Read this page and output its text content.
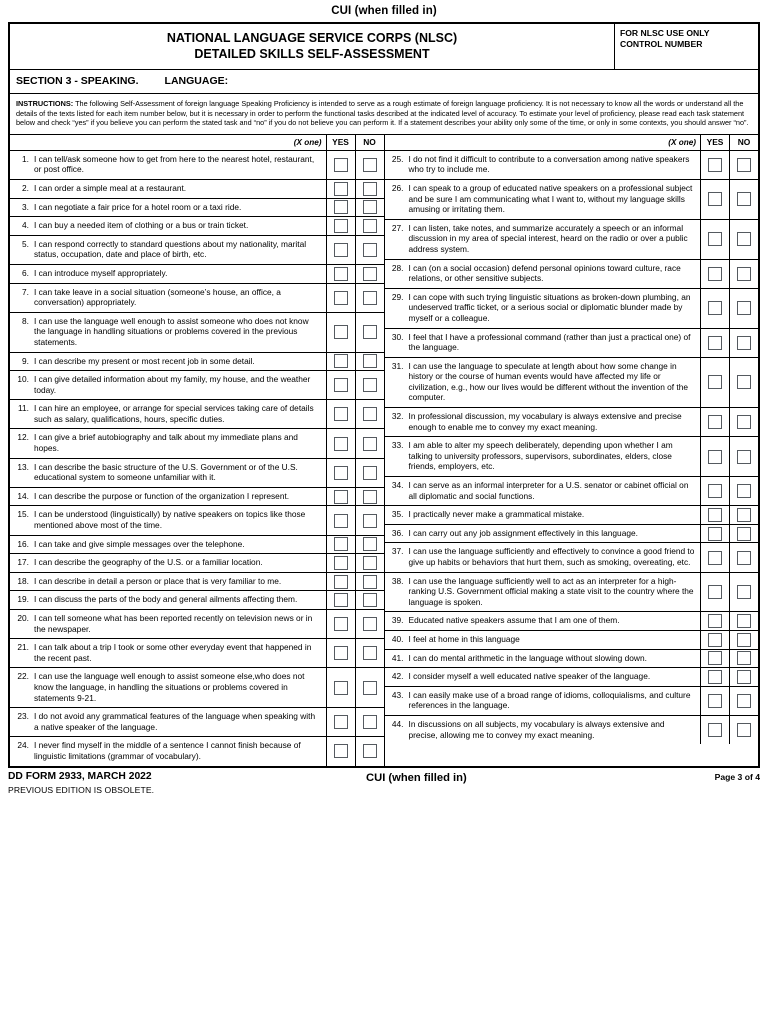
CUI (when filled in)
NATIONAL LANGUAGE SERVICE CORPS (NLSC)
DETAILED SKILLS SELF-ASSESSMENT
FOR NLSC USE ONLY
CONTROL NUMBER
SECTION 3 - SPEAKING. LANGUAGE:
INSTRUCTIONS: The following Self-Assessment of foreign language Speaking Proficiency is intended to serve as a rough estimate of foreign language proficiency. It is not necessary to know all the words or understand all the details of the texts listed for each item number below, but it is necessary in order to perform the functional tasks described at the indicated level of accuracy. To estimate your level of proficiency, please read each task statement below and check “yes” if you believe you can perform the stated task and “no” if you do not believe you can perform it. If a statement describes your ability only some of the time, or only in some contexts, you should answer “no”.
(X one)	YES	NO	(X one)	YES	NO
1. I can tell/ask someone how to get from here to the nearest hotel, restaurant, or post office.
2. I can order a simple meal at a restaurant.
3. I can negotiate a fair price for a hotel room or a taxi ride.
4. I can buy a needed item of clothing or a bus or train ticket.
5. I can respond correctly to standard questions about my nationality, marital status, occupation, date and place of birth, etc.
6. I can introduce myself appropriately.
7. I can take leave in a social situation (someone’s house, an office, a conversation) appropriately.
8. I can use the language well enough to assist someone who does not know the language in handling situations or problems covered in the previous statements.
9. I can describe my present or most recent job in some detail.
10. I can give detailed information about my family, my house, and the weather today.
11. I can hire an employee, or arrange for special services taking care of details such as salary, qualifications, hours, specific duties.
12. I can give a brief autobiography and talk about my immediate plans and hopes.
13. I can describe the basic structure of the U.S. Government or of the U.S. educational system to someone unfamiliar with it.
14. I can describe the purpose or function of the organization I represent.
15. I can be understood (linguistically) by native speakers on topics like those mentioned above most of the time.
16. I can take and give simple messages over the telephone.
17. I can describe the geography of the U.S. or a familiar location.
18. I can describe in detail a person or place that is very familiar to me.
19. I can discuss the parts of the body and general ailments affecting them.
20. I can tell someone what has been reported recently on television news or in the newspaper.
21. I can talk about a trip I took or some other everyday event that happened in the recent past.
22. I can use the language well enough to assist someone else,who does not know the language, in handling the situations or problems covered in statements 9-21.
23. I do not avoid any grammatical features of the language when speaking with a native speaker of the language.
24. I never find myself in the middle of a sentence I cannot finish because of linguistic limitations (grammar of vocabulary).
25. I do not find it difficult to contribute to a conversation among native speakers who try to include me.
26. I can speak to a group of educated native speakers on a professional subject and be sure I am communicating what I want to, without my language skills amusing or irritating them.
27. I can listen, take notes, and summarize accurately a speech or an informal discussion in my area of special interest, heard on the radio or over a public address system.
28. I can (on a social occasion) defend personal opinions toward culture, race relations, or other sensitive subjects.
29. I can cope with such trying linguistic situations as broken-down plumbing, an undeserved traffic ticket, or a serious social or diplomatic blunder made by myself or a colleague.
30. I feel that I have a professional command (rather than just a practical one) of the language.
31. I can use the language to speculate at length about how some change in history or the course of human events would have affected my life or civilization, e.g., how our lives would be different without the invention of the computer.
32. In professional discussion, my vocabulary is always extensive and precise enough to enable me to convey my exact meaning.
33. I am able to alter my speech deliberately, depending upon whether I am talking to university professors, supervisors, subordinates, elders, close friends, employers, etc.
34. I can serve as an informal interpreter for a U.S. senator or cabinet official on all diplomatic and social functions.
35. I practically never make a grammatical mistake.
36. I can carry out any job assignment effectively in this language.
37. I can use the language sufficiently and effectively to convince a good friend to give up habits or behaviors that hurt them, such as smoking, overeating, etc.
38. I can use the language sufficiently well to act as an interpreter for a high-ranking U.S. Government official making a state visit to the country where the language is spoken.
39. Educated native speakers assume that I am one of them.
40. I feel at home in this language
41. I can do mental arithmetic in the language without slowing down.
42. I consider myself a well educated native speaker of the language.
43. I can easily make use of a broad range of idioms, colloquialisms, and culture references in the language.
44. In discussions on all subjects, my vocabulary is always extensive and precise, allowing me to convey my exact meaning.
DD FORM 2933, MARCH 2022
PREVIOUS EDITION IS OBSOLETE.
CUI (when filled in)	Page 3 of 4
